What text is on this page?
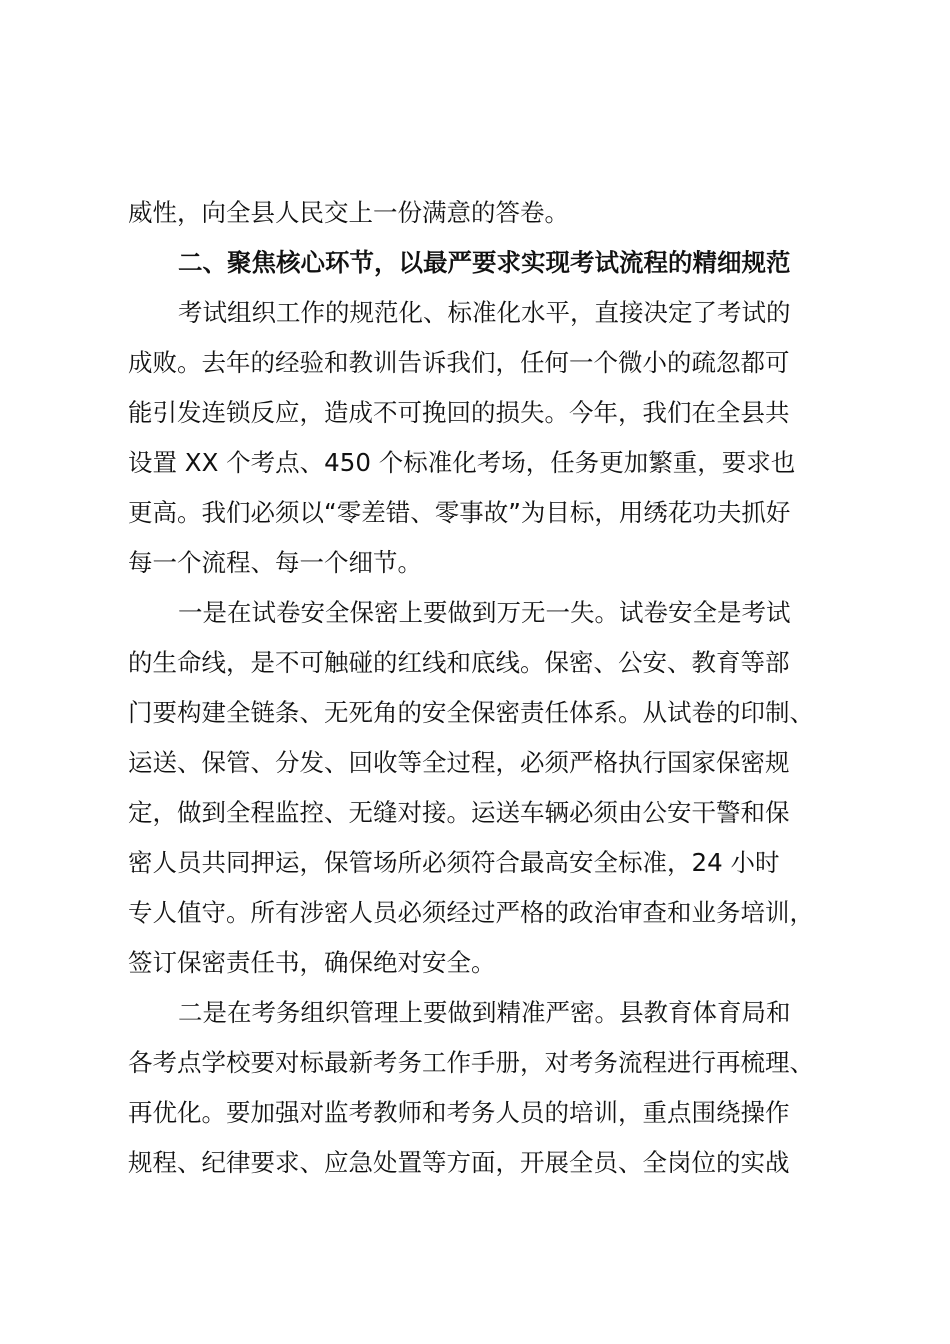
威性，向全县人民交上一份满意的答卷。
二、聚焦核心环节，以最严要求实现考试流程的精细规范
考试组织工作的规范化、标准化水平，直接决定了考试的
成败。去年的经验和教训告诉我们，任何一个微小的疏忽都可
能引发连锁反应，造成不可挽回的损失。今年，我们在全县共
设置 XX 个考点、450 个标准化考场，任务更加繁重，要求也
更高。我们必须以“零差错、零事故”为目标，用绣花功夫抓好
每一个流程、每一个细节。
一是在试卷安全保密上要做到万无一失。试卷安全是考试
的生命线，是不可触碰的红线和底线。保密、公安、教育等部
门要构建全链条、无死角的安全保密责任体系。从试卷的印制、
运送、保管、分发、回收等全过程，必须严格执行国家保密规
定，做到全程监控、无缝对接。运送车辆必须由公安干警和保
密人员共同押运，保管场所必须符合最高安全标准，24 小时
专人值守。所有涉密人员必须经过严格的政治审查和业务培训，
签订保密责任书，确保绝对安全。
二是在考务组织管理上要做到精准严密。县教育体育局和
各考点学校要对标最新考务工作手册，对考务流程进行再梳理、
再优化。要加强对监考教师和考务人员的培训，重点围绕操作
规程、纪律要求、应急处置等方面，开展全员、全岗位的实战
